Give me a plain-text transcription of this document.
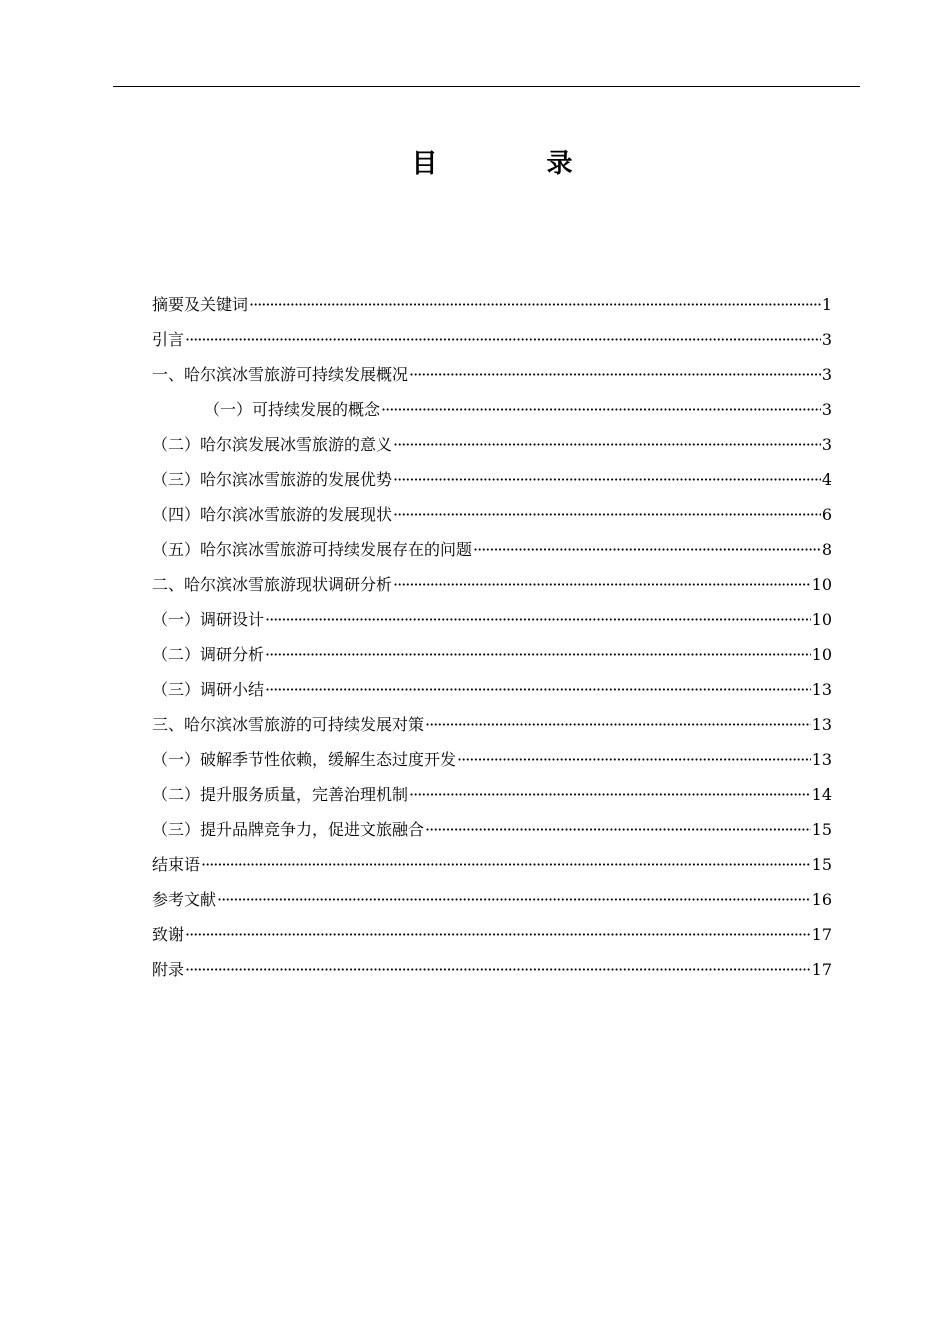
目 录
摘要及关键词 ·····	1
引言 ·····	3
一、哈尔滨冰雪旅游可持续发展概况 ·····	3
（一）可持续发展的概念 ·····	3
（二）哈尔滨发展冰雪旅游的意义 ·····	3
（三）哈尔滨冰雪旅游的发展优势 ·····	4
（四）哈尔滨冰雪旅游的发展现状 ·····	6
（五）哈尔滨冰雪旅游可持续发展存在的问题 ·····	8
二、哈尔滨冰雪旅游现状调研分析 ·····	10
（一）调研设计 ·····	10
（二）调研分析 ·····	10
（三）调研小结 ·····	13
三、哈尔滨冰雪旅游的可持续发展对策 ·····	13
（一）破解季节性依赖，缓解生态过度开发 ·····	13
（二）提升服务质量，完善治理机制 ·····	14
（三）提升品牌竞争力，促进文旅融合 ·····	15
结束语 ·····	15
参考文献 ·····	16
致谢 ·····	17
附录 ·····	17
